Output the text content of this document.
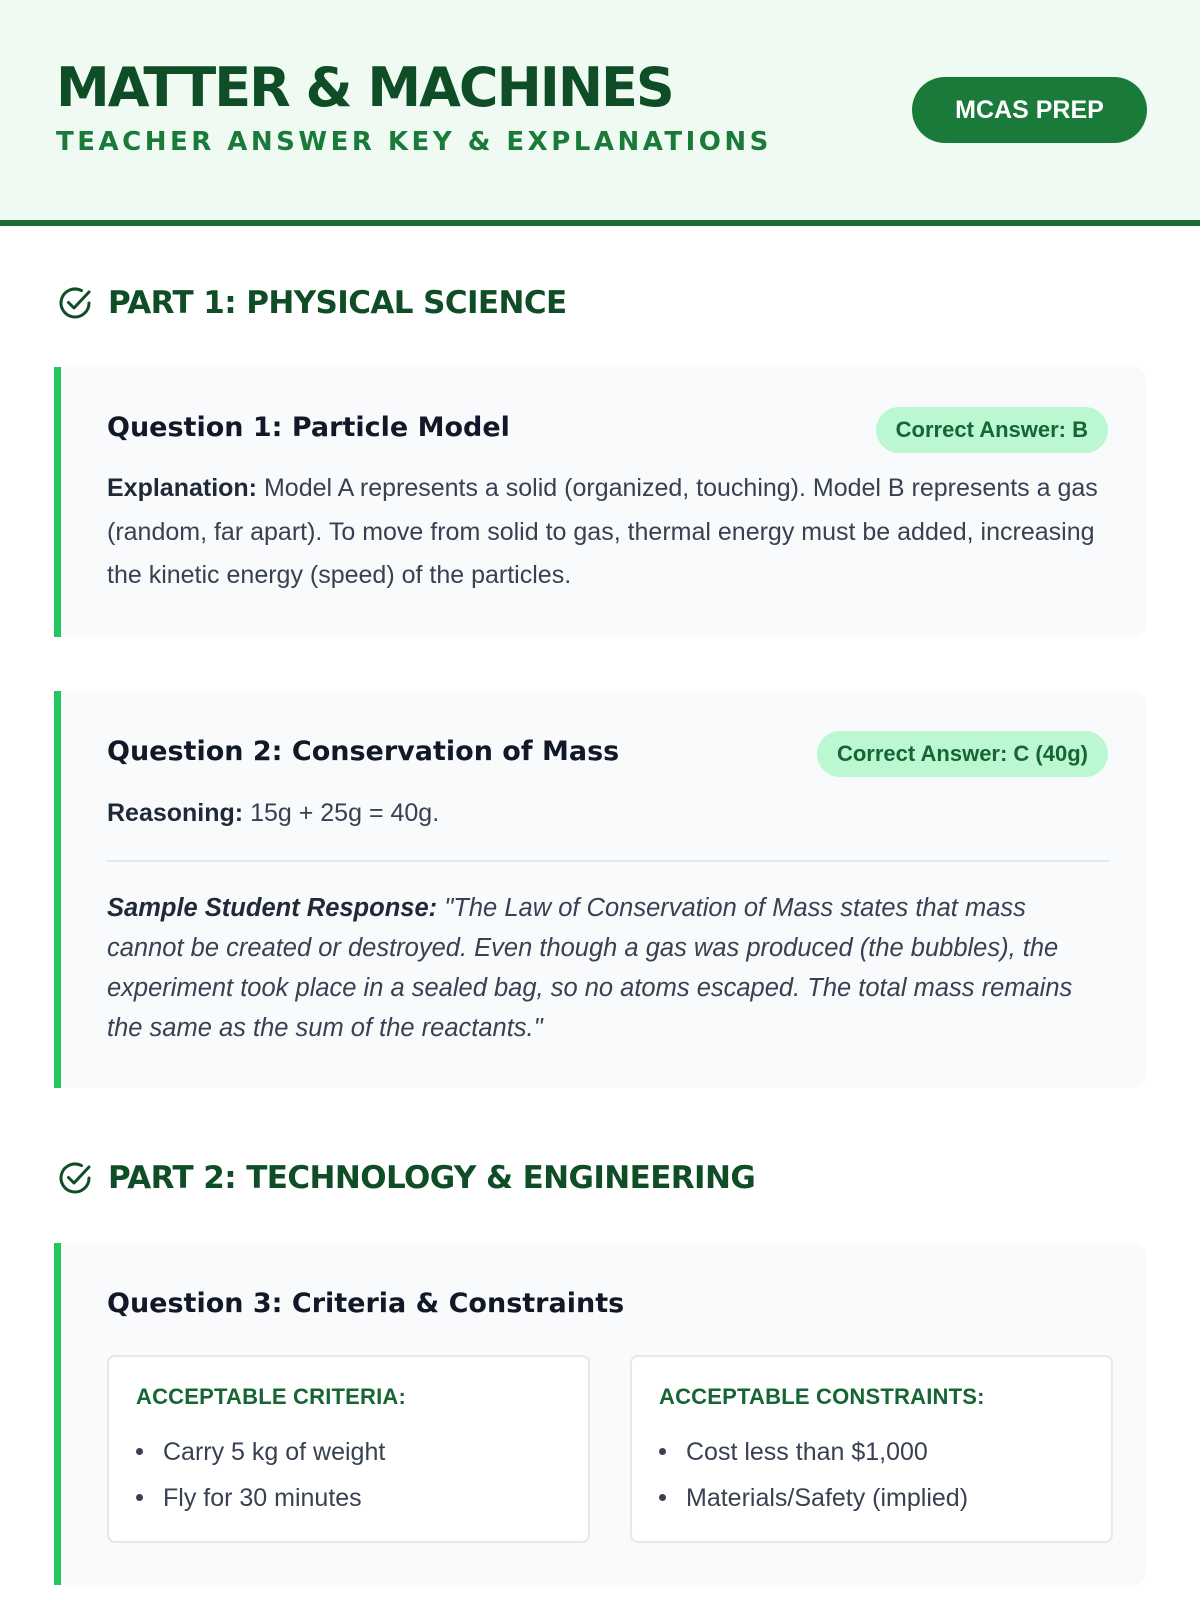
MATTER & MACHINES
TEACHER ANSWER KEY & EXPLANATIONS
MCAS PREP
PART 1: PHYSICAL SCIENCE
Question 1: Particle Model	Correct Answer: B
Explanation: Model A represents a solid (organized, touching). Model B represents a gas (random, far apart). To move from solid to gas, thermal energy must be added, increasing the kinetic energy (speed) of the particles.
Question 2: Conservation of Mass	Correct Answer: C (40g)
Reasoning: 15g + 25g = 40g.
Sample Student Response: "The Law of Conservation of Mass states that mass cannot be created or destroyed. Even though a gas was produced (the bubbles), the experiment took place in a sealed bag, so no atoms escaped. The total mass remains the same as the sum of the reactants."
PART 2: TECHNOLOGY & ENGINEERING
Question 3: Criteria & Constraints
ACCEPTABLE CRITERIA:
Carry 5 kg of weight
Fly for 30 minutes
ACCEPTABLE CONSTRAINTS:
Cost less than $1,000
Materials/Safety (implied)
